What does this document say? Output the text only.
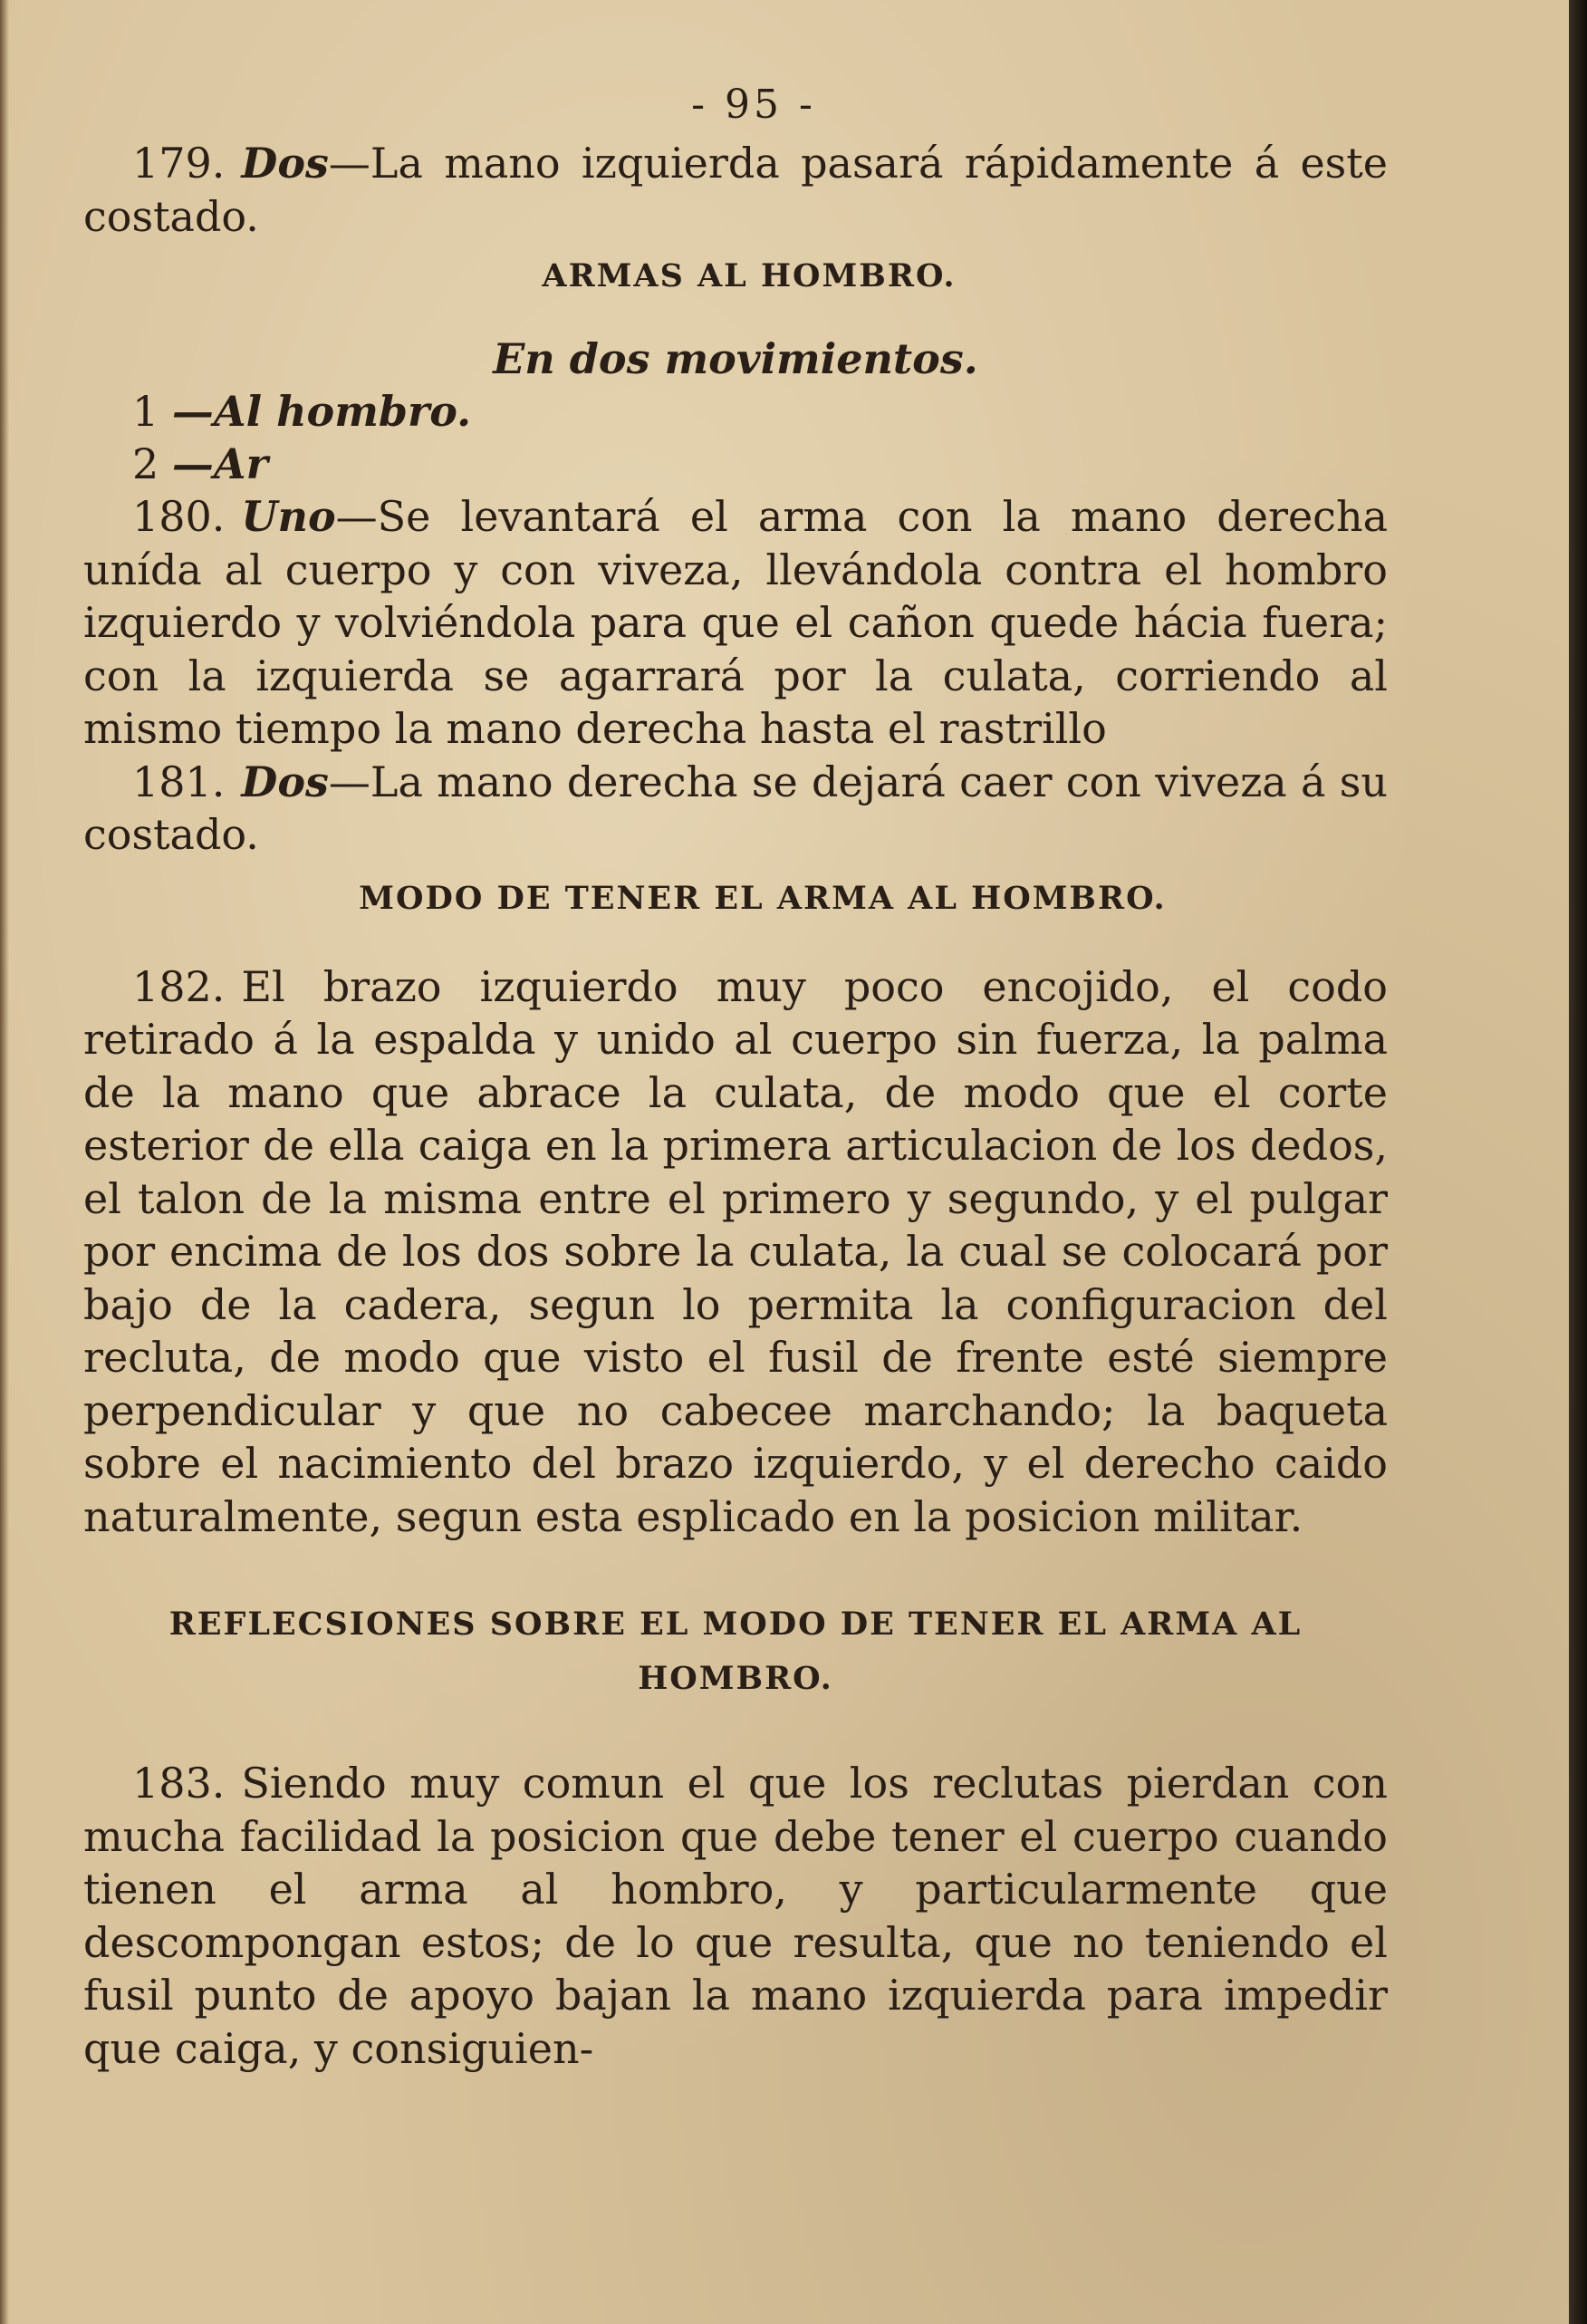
- 95 -

179. Dos—La mano izquierda pasará rápidamente á este costado.

ARMAS AL HOMBRO.
En dos movimientos.
1 —Al hombro.
2 —Ar

180. Uno—Se levantará el arma con la mano derecha unída al cuerpo y con viveza, llevándola contra el hombro izquierdo y volviéndola para que el cañon quede hácia fuera; con la izquierda se agarrará por la culata, corriendo al mismo tiempo la mano derecha hasta el rastrillo

181. Dos—La mano derecha se dejará caer con viveza á su costado.

MODO DE TENER EL ARMA AL HOMBRO.

182. El brazo izquierdo muy poco encojido, el codo retirado á la espalda y unido al cuerpo sin fuerza, la palma de la mano que abrace la culata, de modo que el corte esterior de ella caiga en la primera articulacion de los dedos, el talon de la misma entre el primero y segundo, y el pulgar por encima de los dos sobre la culata, la cual se colocará por bajo de la cadera, segun lo permita la configuracion del recluta, de modo que visto el fusil de frente esté siempre perpendicular y que no cabecee marchando; la baqueta sobre el nacimiento del brazo izquierdo, y el derecho caido naturalmente, segun esta esplicado en la posicion militar.

REFLECSIONES SOBRE EL MODO DE TENER EL ARMA AL HOMBRO.

183. Siendo muy comun el que los reclutas pierdan con mucha facilidad la posicion que debe tener el cuerpo cuando tienen el arma al hombro, y particularmente que descompongan estos; de lo que resulta, que no teniendo el fusil punto de apoyo bajan la mano izquierda para impedir que caiga, y consiguien-
